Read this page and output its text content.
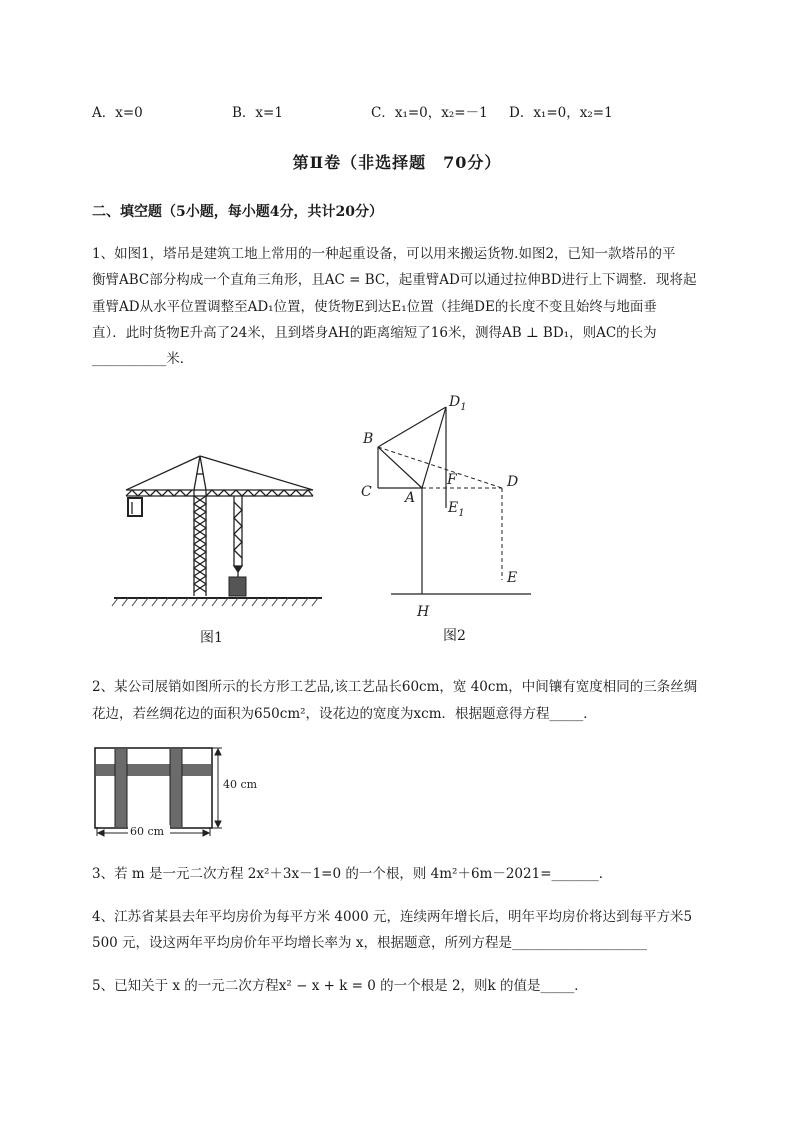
A．x=0	B．x=1	C．x₁=0，x₂=－1 D．x₁=0，x₂=1
第Ⅱ卷（非选择题　70分）
二、填空题（5小题，每小题4分，共计20分）
1、如图1，塔吊是建筑工地上常用的一种起重设备，可以用来搬运货物.如图2，已知一款塔吊的平
衡臂ABC部分构成一个直角三角形，且AC = BC，起重臂AD可以通过拉伸BD进行上下调整．现将起
重臂AD从水平位置调整至AD₁位置，使货物E到达E₁位置（挂绳DE的长度不变且始终与地面垂
直）．此时货物E升高了24米，且到塔身AH的距离缩短了16米，测得AB ⊥ BD₁，则AC的长为
___________米．
图1
$D_1$
B
C A
F	D
$E_1$
E
H
图2
2、某公司展销如图所示的长方形工艺品,该工艺品长60cm，宽 40cm，中间镶有宽度相同的三条丝绸
花边，若丝绸花边的面积为650cm²，设花边的宽度为xcm．根据题意得方程_____．
40 cm
60 cm
3、若 m 是一元二次方程 2x²＋3x－1=0 的一个根，则 4m²＋6m－2021=_______．
4、江苏省某县去年平均房价为每平方米 4000 元，连续两年增长后，明年平均房价将达到每平方米5
500 元，设这两年平均房价年平均增长率为 x，根据题意，所列方程是____________________
5、已知关于 x 的一元二次方程x² − x + k = 0 的一个根是 2，则k 的值是_____．
